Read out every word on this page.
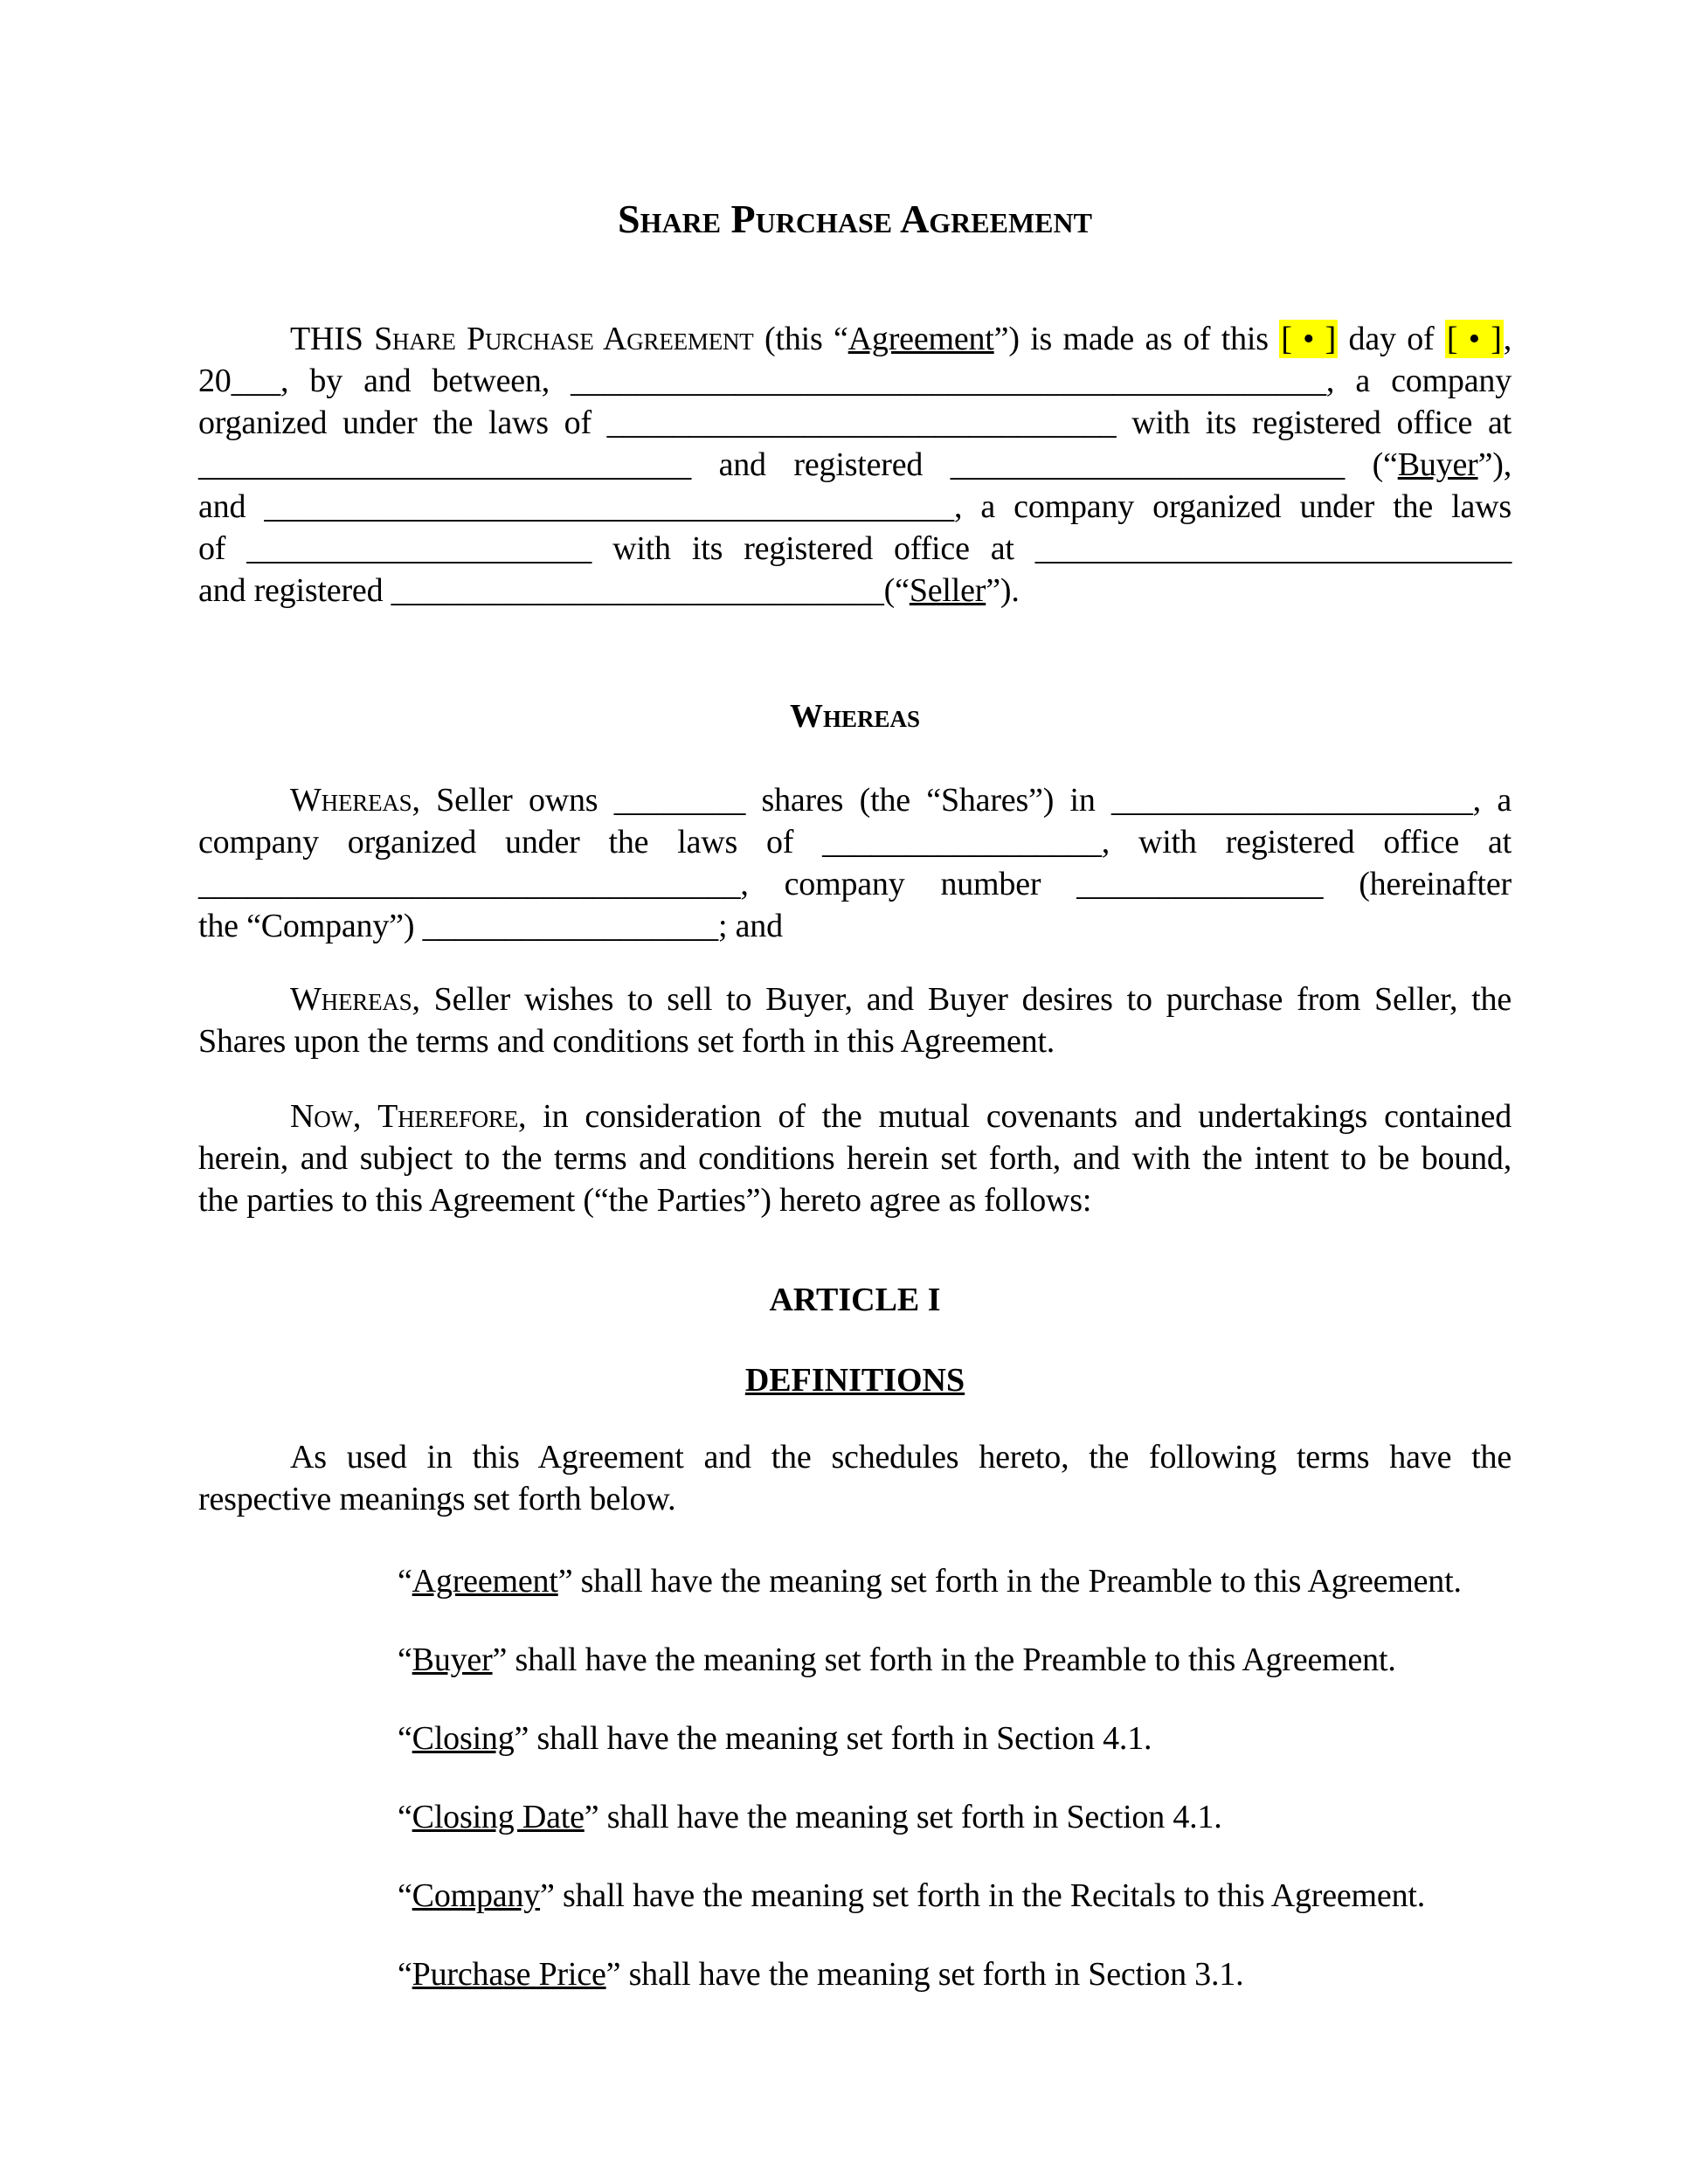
Share Purchase Agreement
THIS Share Purchase Agreement (this “Agreement”) is made as of this [ • ] day of [ • ],
20___, by and between, ______________________________________________, a company
organized under the laws of _______________________________ with its registered office at
______________________________ and registered ________________________ (“Buyer”),
and __________________________________________, a company organized under the laws
of _____________________ with its registered office at _____________________________
and registered ______________________________(“Seller”).
Whereas
Whereas, Seller owns ________ shares (the “Shares”) in ______________________, a
company organized under the laws of _________________, with registered office at
_________________________________, company number _______________ (hereinafter
the “Company”) __________________; and
Whereas, Seller wishes to sell to Buyer, and Buyer desires to purchase from Seller, the
Shares upon the terms and conditions set forth in this Agreement.
Now, Therefore, in consideration of the mutual covenants and undertakings contained
herein, and subject to the terms and conditions herein set forth, and with the intent to be bound,
the parties to this Agreement (“the Parties”) hereto agree as follows:
ARTICLE I
DEFINITIONS
As used in this Agreement and the schedules hereto, the following terms have the
respective meanings set forth below.
“Agreement” shall have the meaning set forth in the Preamble to this Agreement.
“Buyer” shall have the meaning set forth in the Preamble to this Agreement.
“Closing” shall have the meaning set forth in Section 4.1.
“Closing Date” shall have the meaning set forth in Section 4.1.
“Company” shall have the meaning set forth in the Recitals to this Agreement.
“Purchase Price” shall have the meaning set forth in Section 3.1.
